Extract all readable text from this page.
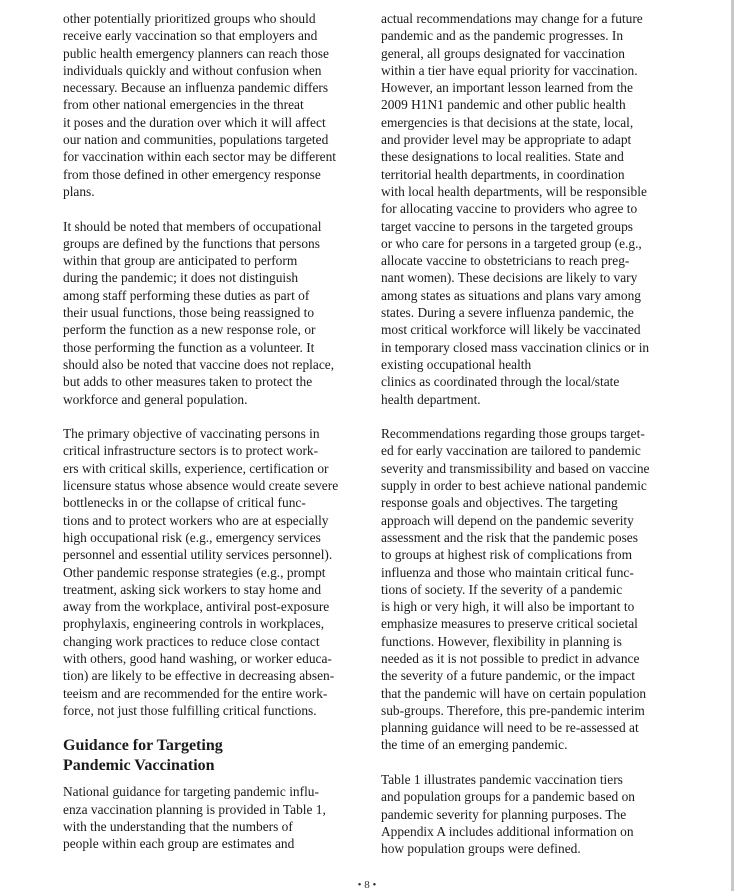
other potentially prioritized groups who should
receive early vaccination so that employers and
public health emergency planners can reach those
individuals quickly and without confusion when
necessary. Because an influenza pandemic differs
from other national emergencies in the threat
it poses and the duration over which it will affect
our nation and communities, populations targeted
for vaccination within each sector may be different
from those defined in other emergency response
plans.

It should be noted that members of occupational
groups are defined by the functions that persons
within that group are anticipated to perform
during the pandemic; it does not distinguish
among staff performing these duties as part of
their usual functions, those being reassigned to
perform the function as a new response role, or
those performing the function as a volunteer. It
should also be noted that vaccine does not replace,
but adds to other measures taken to protect the
workforce and general population.

The primary objective of vaccinating persons in
critical infrastructure sectors is to protect work-
ers with critical skills, experience, certification or
licensure status whose absence would create severe
bottlenecks in or the collapse of critical func-
tions and to protect workers who are at especially
high occupational risk (e.g., emergency services
personnel and essential utility services personnel).
Other pandemic response strategies (e.g., prompt
treatment, asking sick workers to stay home and
away from the workplace, antiviral post-exposure
prophylaxis, engineering controls in workplaces,
changing work practices to reduce close contact
with others, good hand washing, or worker educa-
tion) are likely to be effective in decreasing absen-
teeism and are recommended for the entire work-
force, not just those fulfilling critical functions.

Guidance for Targeting
Pandemic Vaccination

National guidance for targeting pandemic influ-
enza vaccination planning is provided in Table 1,
with the understanding that the numbers of
people within each group are estimates and

actual recommendations may change for a future
pandemic and as the pandemic progresses. In
general, all groups designated for vaccination
within a tier have equal priority for vaccination.
However, an important lesson learned from the
2009 H1N1 pandemic and other public health
emergencies is that decisions at the state, local,
and provider level may be appropriate to adapt
these designations to local realities. State and
territorial health departments, in coordination
with local health departments, will be responsible
for allocating vaccine to providers who agree to
target vaccine to persons in the targeted groups
or who care for persons in a targeted group (e.g.,
allocate vaccine to obstetricians to reach preg-
nant women). These decisions are likely to vary
among states as situations and plans vary among
states. During a severe influenza pandemic, the
most critical workforce will likely be vaccinated
in temporary closed mass vaccination clinics or in
existing occupational health
clinics as coordinated through the local/state
health department.

Recommendations regarding those groups target-
ed for early vaccination are tailored to pandemic
severity and transmissibility and based on vaccine
supply in order to best achieve national pandemic
response goals and objectives. The targeting
approach will depend on the pandemic severity
assessment and the risk that the pandemic poses
to groups at highest risk of complications from
influenza and those who maintain critical func-
tions of society. If the severity of a pandemic
is high or very high, it will also be important to
emphasize measures to preserve critical societal
functions. However, flexibility in planning is
needed as it is not possible to predict in advance
the severity of a future pandemic, or the impact
that the pandemic will have on certain population
sub-groups. Therefore, this pre-pandemic interim
planning guidance will need to be re-assessed at
the time of an emerging pandemic.

Table 1 illustrates pandemic vaccination tiers
and population groups for a pandemic based on
pandemic severity for planning purposes. The
Appendix A includes additional information on
how population groups were defined.

• 8 •
